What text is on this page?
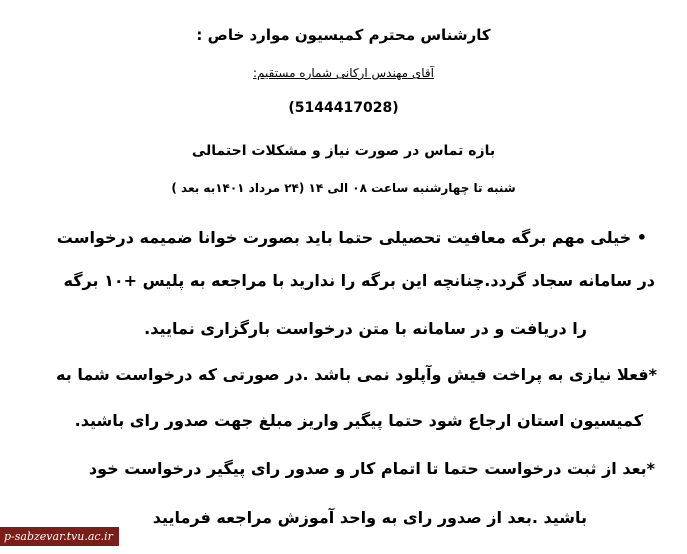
کارشناس محترم کمیسیون موارد خاص :
آقای مهندس ارکانی شماره مستقیم:
(5144417028)
بازه تماس در صورت نیاز و مشکلات احتمالی
شنبه تا چهارشنبه ساعت ۰۸ الی ۱۴ (۲۴ مرداد ۱۴۰۱به بعد )
• خیلی مهم برگه معافیت تحصیلی حتما باید بصورت خوانا ضمیمه درخواست
در سامانه سجاد گردد.چنانچه این برگه را ندارید با مراجعه به پلیس +۱۰ برگه
را دریافت و در سامانه با متن درخواست بارگزاری نمایید.
*فعلا نیازی به پراخت فیش وآپلود نمی باشد .در صورتی که درخواست شما به
کمیسیون استان ارجاع شود حتما پیگیر واریز مبلغ جهت صدور رای باشید.
*بعد از ثبت درخواست حتما تا اتمام کار و صدور رای پیگیر درخواست خود
باشید .بعد از صدور رای به واحد آموزش مراجعه فرمایید
p-sabzevar.tvu.ac.ir
